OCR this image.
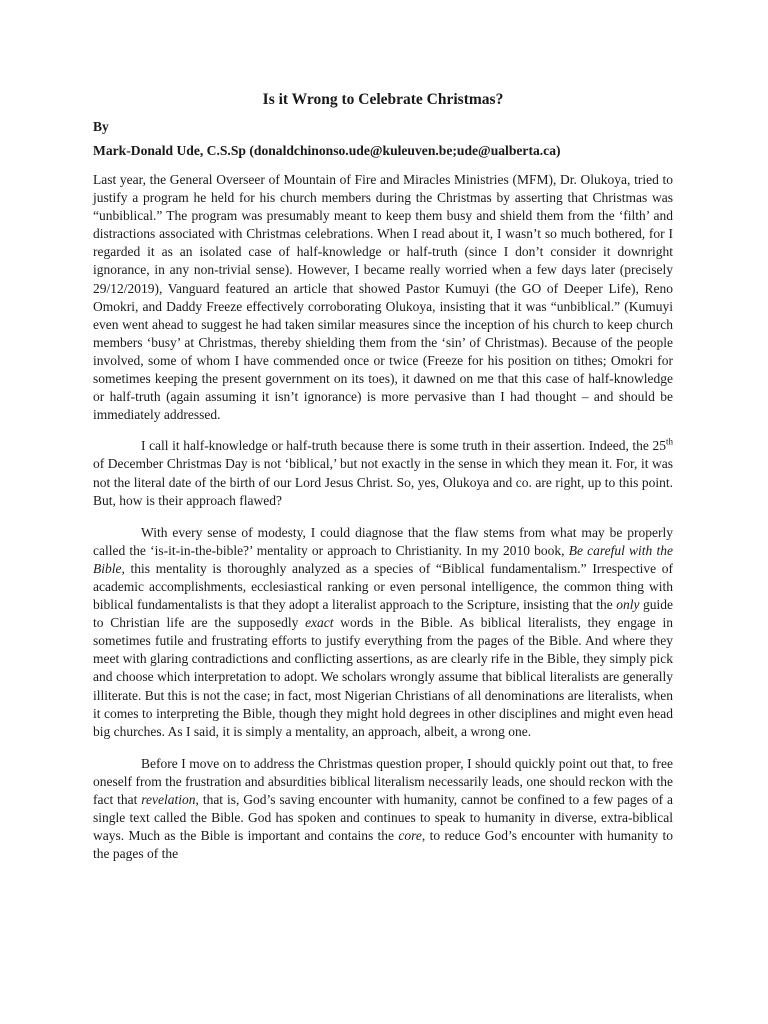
Is it Wrong to Celebrate Christmas?

By

Mark-Donald Ude, C.S.Sp (donaldchinonso.ude@kuleuven.be;ude@ualberta.ca)

Last year, the General Overseer of Mountain of Fire and Miracles Ministries (MFM), Dr. Olukoya, tried to justify a program he held for his church members during the Christmas by asserting that Christmas was “unbiblical.” The program was presumably meant to keep them busy and shield them from the ‘filth’ and distractions associated with Christmas celebrations. When I read about it, I wasn’t so much bothered, for I regarded it as an isolated case of half-knowledge or half-truth (since I don’t consider it downright ignorance, in any non-trivial sense). However, I became really worried when a few days later (precisely 29/12/2019), Vanguard featured an article that showed Pastor Kumuyi (the GO of Deeper Life), Reno Omokri, and Daddy Freeze effectively corroborating Olukoya, insisting that it was “unbiblical.” (Kumuyi even went ahead to suggest he had taken similar measures since the inception of his church to keep church members ‘busy’ at Christmas, thereby shielding them from the ‘sin’ of Christmas). Because of the people involved, some of whom I have commended once or twice (Freeze for his position on tithes; Omokri for sometimes keeping the present government on its toes), it dawned on me that this case of half-knowledge or half-truth (again assuming it isn’t ignorance) is more pervasive than I had thought – and should be immediately addressed.

I call it half-knowledge or half-truth because there is some truth in their assertion. Indeed, the 25th of December Christmas Day is not ‘biblical,’ but not exactly in the sense in which they mean it. For, it was not the literal date of the birth of our Lord Jesus Christ. So, yes, Olukoya and co. are right, up to this point. But, how is their approach flawed?

With every sense of modesty, I could diagnose that the flaw stems from what may be properly called the ‘is-it-in-the-bible?’ mentality or approach to Christianity. In my 2010 book, Be careful with the Bible, this mentality is thoroughly analyzed as a species of “Biblical fundamentalism.” Irrespective of academic accomplishments, ecclesiastical ranking or even personal intelligence, the common thing with biblical fundamentalists is that they adopt a literalist approach to the Scripture, insisting that the only guide to Christian life are the supposedly exact words in the Bible. As biblical literalists, they engage in sometimes futile and frustrating efforts to justify everything from the pages of the Bible. And where they meet with glaring contradictions and conflicting assertions, as are clearly rife in the Bible, they simply pick and choose which interpretation to adopt. We scholars wrongly assume that biblical literalists are generally illiterate. But this is not the case; in fact, most Nigerian Christians of all denominations are literalists, when it comes to interpreting the Bible, though they might hold degrees in other disciplines and might even head big churches. As I said, it is simply a mentality, an approach, albeit, a wrong one.

Before I move on to address the Christmas question proper, I should quickly point out that, to free oneself from the frustration and absurdities biblical literalism necessarily leads, one should reckon with the fact that revelation, that is, God’s saving encounter with humanity, cannot be confined to a few pages of a single text called the Bible. God has spoken and continues to speak to humanity in diverse, extra-biblical ways. Much as the Bible is important and contains the core, to reduce God’s encounter with humanity to the pages of the
